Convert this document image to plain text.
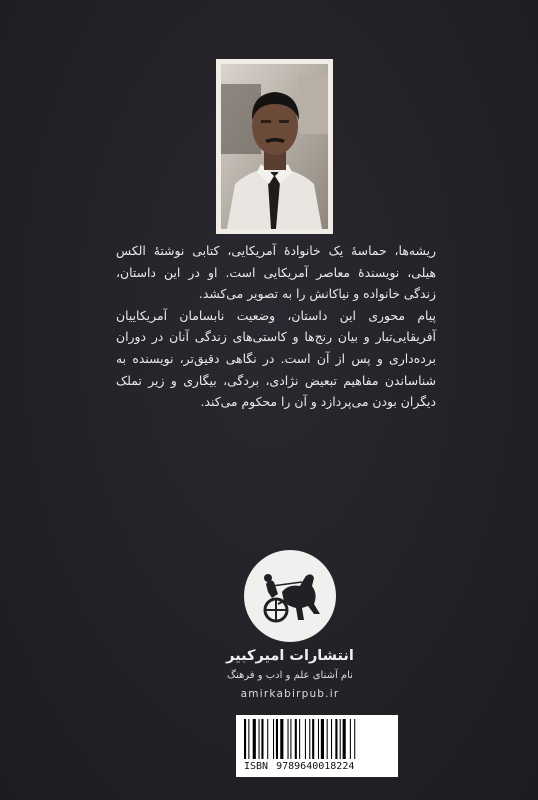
ریشه‌ها، حماسهٔ یک خانوادهٔ آمریکایی، کتابی نوشتهٔ الکس هیلی، نویسندهٔ معاصر آمریکایی است. او در این داستان، زندگی خانواده و نیاکانش را به تصویر می‌کشد.

پیام محوری این داستان، وضعیت نابسامان آمریکاییان آفریقایی‌تبار و بیان رنج‌ها و کاستی‌های زندگی آنان در دوران برده‌داری و پس از آن است. در نگاهی دقیق‌تر، نویسنده به شناساندن مفاهیم تبعیض نژادی، بردگی، بیگاری و زیر تملک دیگران بودن می‌پردازد و آن را محکوم می‌کند.

انتشارات امیرکبیر
نام آشنای علم و ادب و فرهنگ
amirkabirpub.ir
ISBN 9789640018224
